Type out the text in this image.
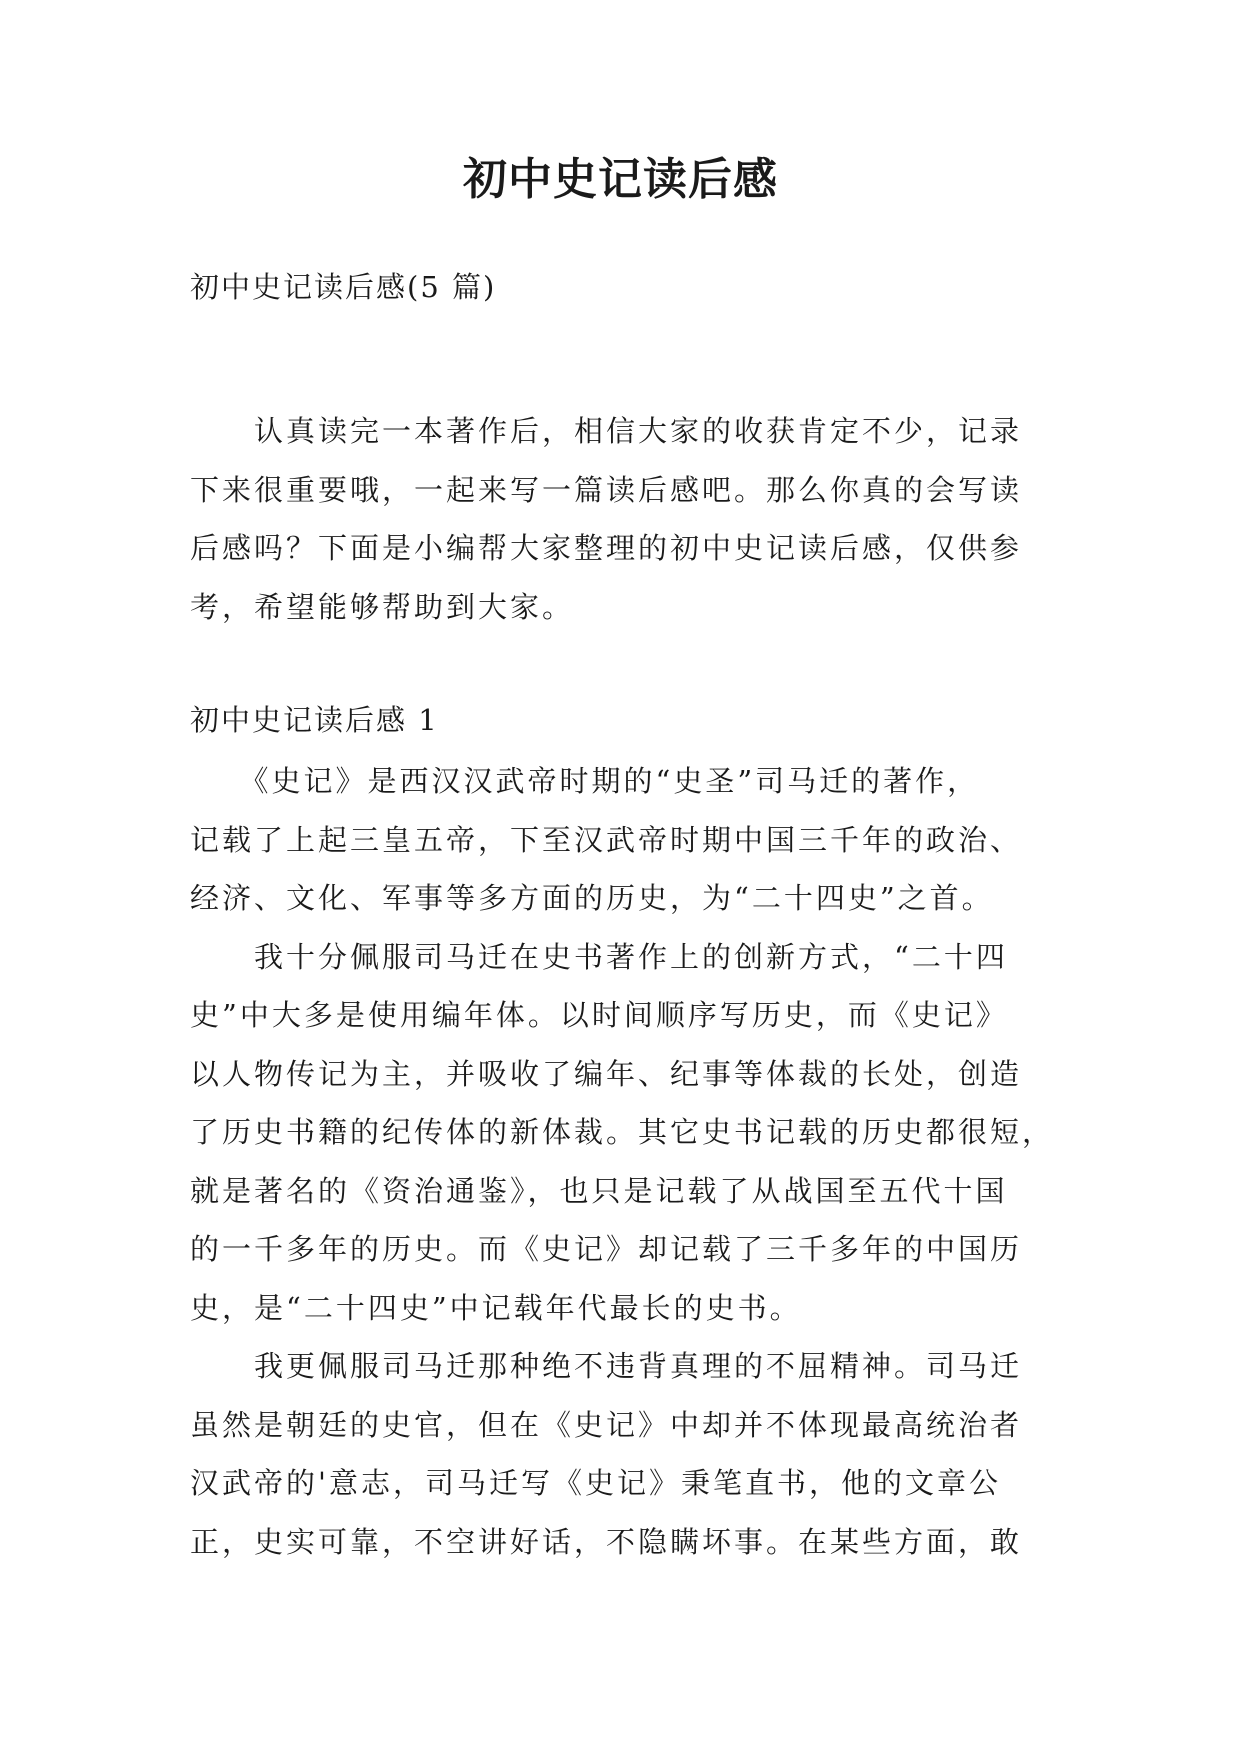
初中史记读后感

初中史记读后感(5 篇)

　　认真读完一本著作后，相信大家的收获肯定不少，记录
下来很重要哦，一起来写一篇读后感吧。那么你真的会写读
后感吗？下面是小编帮大家整理的初中史记读后感，仅供参
考，希望能够帮助到大家。

初中史记读后感 1

　　《史记》是西汉汉武帝时期的“史圣”司马迁的著作，
记载了上起三皇五帝，下至汉武帝时期中国三千年的政治、
经济、文化、军事等多方面的历史，为“二十四史”之首。
　　我十分佩服司马迁在史书著作上的创新方式，“二十四
史”中大多是使用编年体。以时间顺序写历史，而《史记》
以人物传记为主，并吸收了编年、纪事等体裁的长处，创造
了历史书籍的纪传体的新体裁。其它史书记载的历史都很短，
就是著名的《资治通鉴》，也只是记载了从战国至五代十国
的一千多年的历史。而《史记》却记载了三千多年的中国历
史，是“二十四史”中记载年代最长的史书。
　　我更佩服司马迁那种绝不违背真理的不屈精神。司马迁
虽然是朝廷的史官，但在《史记》中却并不体现最高统治者
汉武帝的'意志，司马迁写《史记》秉笔直书，他的文章公
正，史实可靠，不空讲好话，不隐瞒坏事。在某些方面，敢
